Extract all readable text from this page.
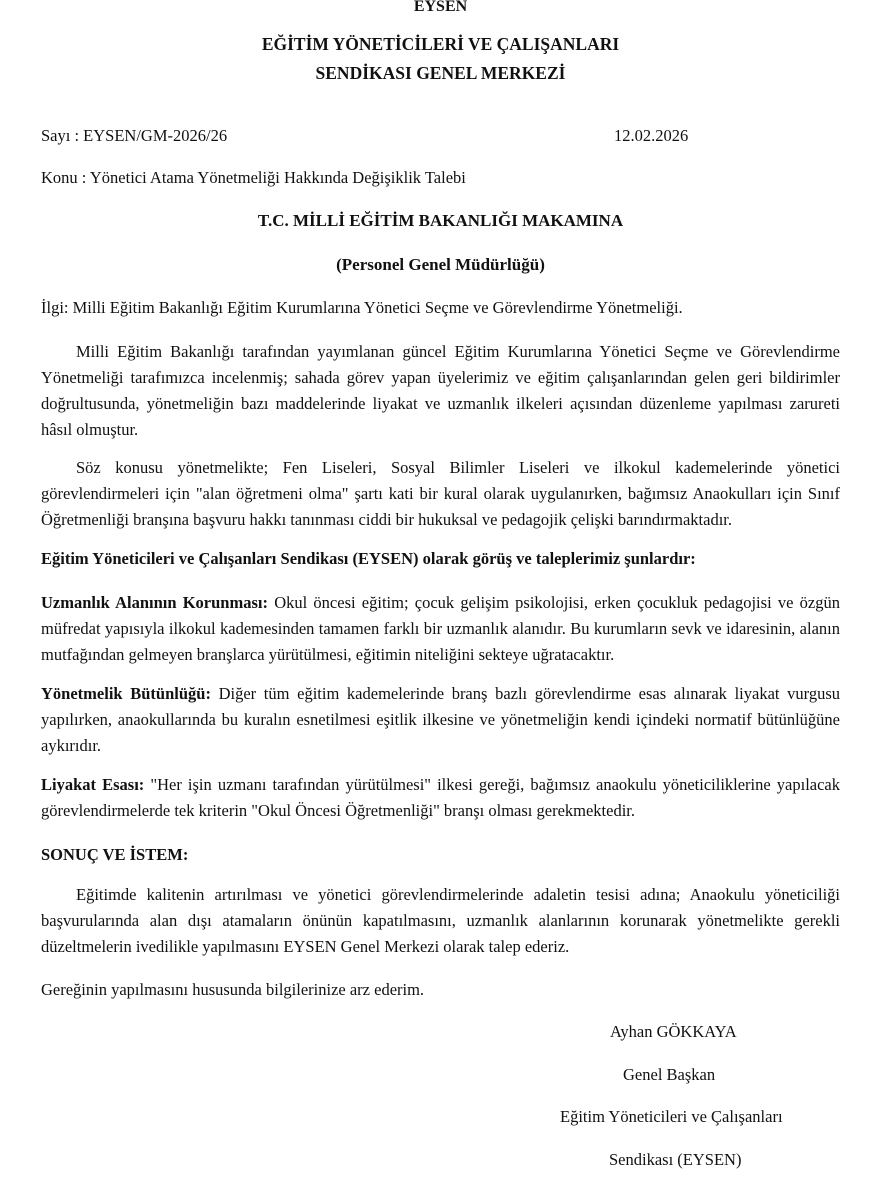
EYSEN
EĞİTİM YÖNETİCİLERİ VE ÇALIŞANLARI
SENDİKASI GENEL MERKEZİ
Sayı : EYSEN/GM-2026/26	12.02.2026
Konu : Yönetici Atama Yönetmeliği Hakkında Değişiklik Talebi
T.C. MİLLİ EĞİTİM BAKANLIĞI MAKAMINA
(Personel Genel Müdürlüğü)
İlgi: Milli Eğitim Bakanlığı Eğitim Kurumlarına Yönetici Seçme ve Görevlendirme Yönetmeliği.
Milli Eğitim Bakanlığı tarafından yayımlanan güncel Eğitim Kurumlarına Yönetici Seçme ve Görevlendirme Yönetmeliği tarafımızca incelenmiş; sahada görev yapan üyelerimiz ve eğitim çalışanlarından gelen geri bildirimler doğrultusunda, yönetmeliğin bazı maddelerinde liyakat ve uzmanlık ilkeleri açısından düzenleme yapılması zarureti hâsıl olmuştur.
Söz konusu yönetmelikte; Fen Liseleri, Sosyal Bilimler Liseleri ve ilkokul kademelerinde yönetici görevlendirmeleri için "alan öğretmeni olma" şartı kati bir kural olarak uygulanırken, bağımsız Anaokulları için Sınıf Öğretmenliği branşına başvuru hakkı tanınması ciddi bir hukuksal ve pedagojik çelişki barındırmaktadır.
Eğitim Yöneticileri ve Çalışanları Sendikası (EYSEN) olarak görüş ve taleplerimiz şunlardır:
Uzmanlık Alanının Korunması: Okul öncesi eğitim; çocuk gelişim psikolojisi, erken çocukluk pedagojisi ve özgün müfredat yapısıyla ilkokul kademesinden tamamen farklı bir uzmanlık alanıdır. Bu kurumların sevk ve idaresinin, alanın mutfağından gelmeyen branşlarca yürütülmesi, eğitimin niteliğini sekteye uğratacaktır.
Yönetmelik Bütünlüğü: Diğer tüm eğitim kademelerinde branş bazlı görevlendirme esas alınarak liyakat vurgusu yapılırken, anaokullarında bu kuralın esnetilmesi eşitlik ilkesine ve yönetmeliğin kendi içindeki normatif bütünlüğüne aykırıdır.
Liyakat Esası: "Her işin uzmanı tarafından yürütülmesi" ilkesi gereği, bağımsız anaokulu yöneticiliklerine yapılacak görevlendirmelerde tek kriterin "Okul Öncesi Öğretmenliği" branşı olması gerekmektedir.
SONUÇ VE İSTEM:
Eğitimde kalitenin artırılması ve yönetici görevlendirmelerinde adaletin tesisi adına; Anaokulu yöneticiliği başvurularında alan dışı atamaların önünün kapatılmasını, uzmanlık alanlarının korunarak yönetmelikte gerekli düzeltmelerin ivedilikle yapılmasını EYSEN Genel Merkezi olarak talep ederiz.
Gereğinin yapılmasını hususunda bilgilerinize arz ederim.
Ayhan GÖKKAYA
Genel Başkan
Eğitim Yöneticileri ve Çalışanları
Sendikası (EYSEN)
